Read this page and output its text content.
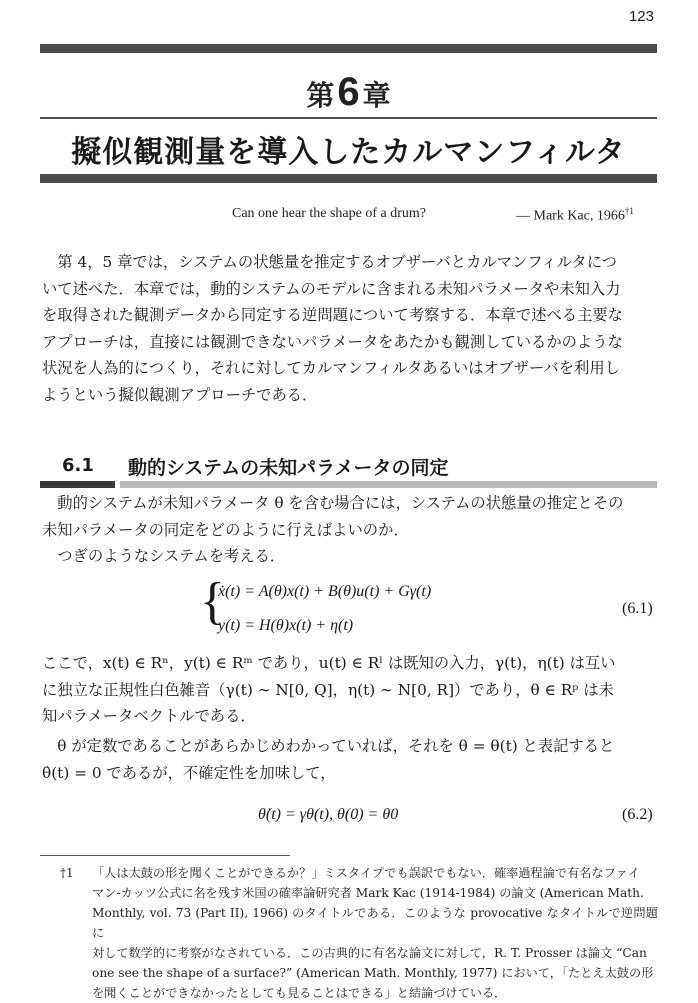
123
第6 章
擬似観測量を導入したカルマンフィルタ
Can one hear the shape of a drum?	— Mark Kac, 1966$^{\dagger 1}$
第 4，5 章では，システムの状態量を推定するオブザーバとカルマンフィルタにつ
いて述べた．本章では，動的システムのモデルに含まれる未知パラメータや未知入力
を取得された観測データから同定する逆問題について考察する．本章で述べる主要な
アプローチは，直接には観測できないパラメータをあたかも観測しているかのような
状況を人為的につくり，それに対してカルマンフィルタあるいはオブザーバを利用し
ようという擬似観測アプローチである．
6.1 動的システムの未知パラメータの同定
動的システムが未知パラメータ θ を含む場合には，システムの状態量の推定とその
未知パラメータの同定をどのように行えばよいのか．
つぎのようなシステムを考える．
{
ẋ(t) = A(θ)x(t) + B(θ)u(t) + Gγ(t)
y(t) = H(θ)x(t) + η(t)
(6.1)
ここで，x(t) ∈ Rⁿ，y(t) ∈ Rᵐ であり，u(t) ∈ Rˡ は既知の入力，γ(t)，η(t) は互い
に独立な正規性白色雑音（γ(t) ∼ N[0, Q]，η(t) ∼ N[0, R]）であり，θ ∈ Rᵖ は未
知パラメータベクトルである．
θ が定数であることがあらかじめわかっていれば，それを θ = θ(t) と表記すると
θ̇(t) = 0 であるが，不確定性を加味して，
θ̇(t) = γθ(t), θ(0) = θ0	(6.2)
†1 「人は太鼓の形を聞くことができるか？」ミスタイプでも誤訳でもない．確率過程論で有名なファイ
マン-カッツ公式に名を残す米国の確率論研究者 Mark Kac (1914-1984) の論文 (American Math.
Monthly, vol. 73 (Part II), 1966) のタイトルである．このような provocative なタイトルで逆問題に
対して数学的に考察がなされている．この古典的に有名な論文に対して，R. T. Prosser は論文 “Can
one see the shape of a surface?” (American Math. Monthly, 1977) において，「たとえ太鼓の形
を聞くことができなかったとしても見ることはできる」と結論づけている．
